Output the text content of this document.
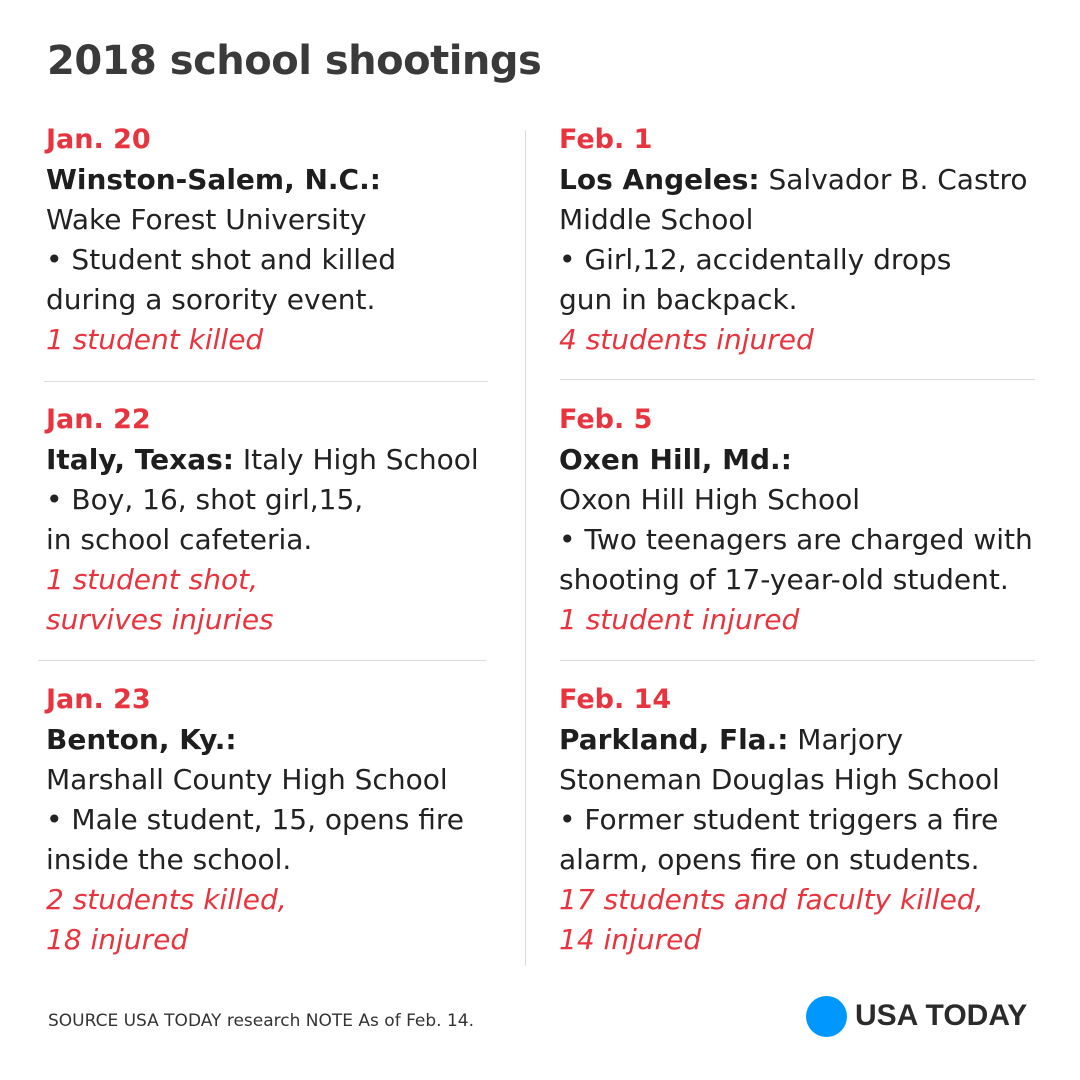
2018 school shootings
Jan. 20
Winston-Salem, N.C.:
Wake Forest University
• Student shot and killed
during a sorority event.
1 student killed
Jan. 22
Italy, Texas: Italy High School
• Boy, 16, shot girl,15,
in school cafeteria.
1 student shot,
survives injuries
Jan. 23
Benton, Ky.:
Marshall County High School
• Male student, 15, opens fire
inside the school.
2 students killed,
18 injured
Feb. 1
Los Angeles: Salvador B. Castro
Middle School
• Girl,12, accidentally drops
gun in backpack.
4 students injured
Feb. 5
Oxen Hill, Md.:
Oxon Hill High School
• Two teenagers are charged with
shooting of 17-year-old student.
1 student injured
Feb. 14
Parkland, Fla.: Marjory
Stoneman Douglas High School
• Former student triggers a fire
alarm, opens fire on students.
17 students and faculty killed,
14 injured
SOURCE USA TODAY research NOTE As of Feb. 14.	USA TODAY
